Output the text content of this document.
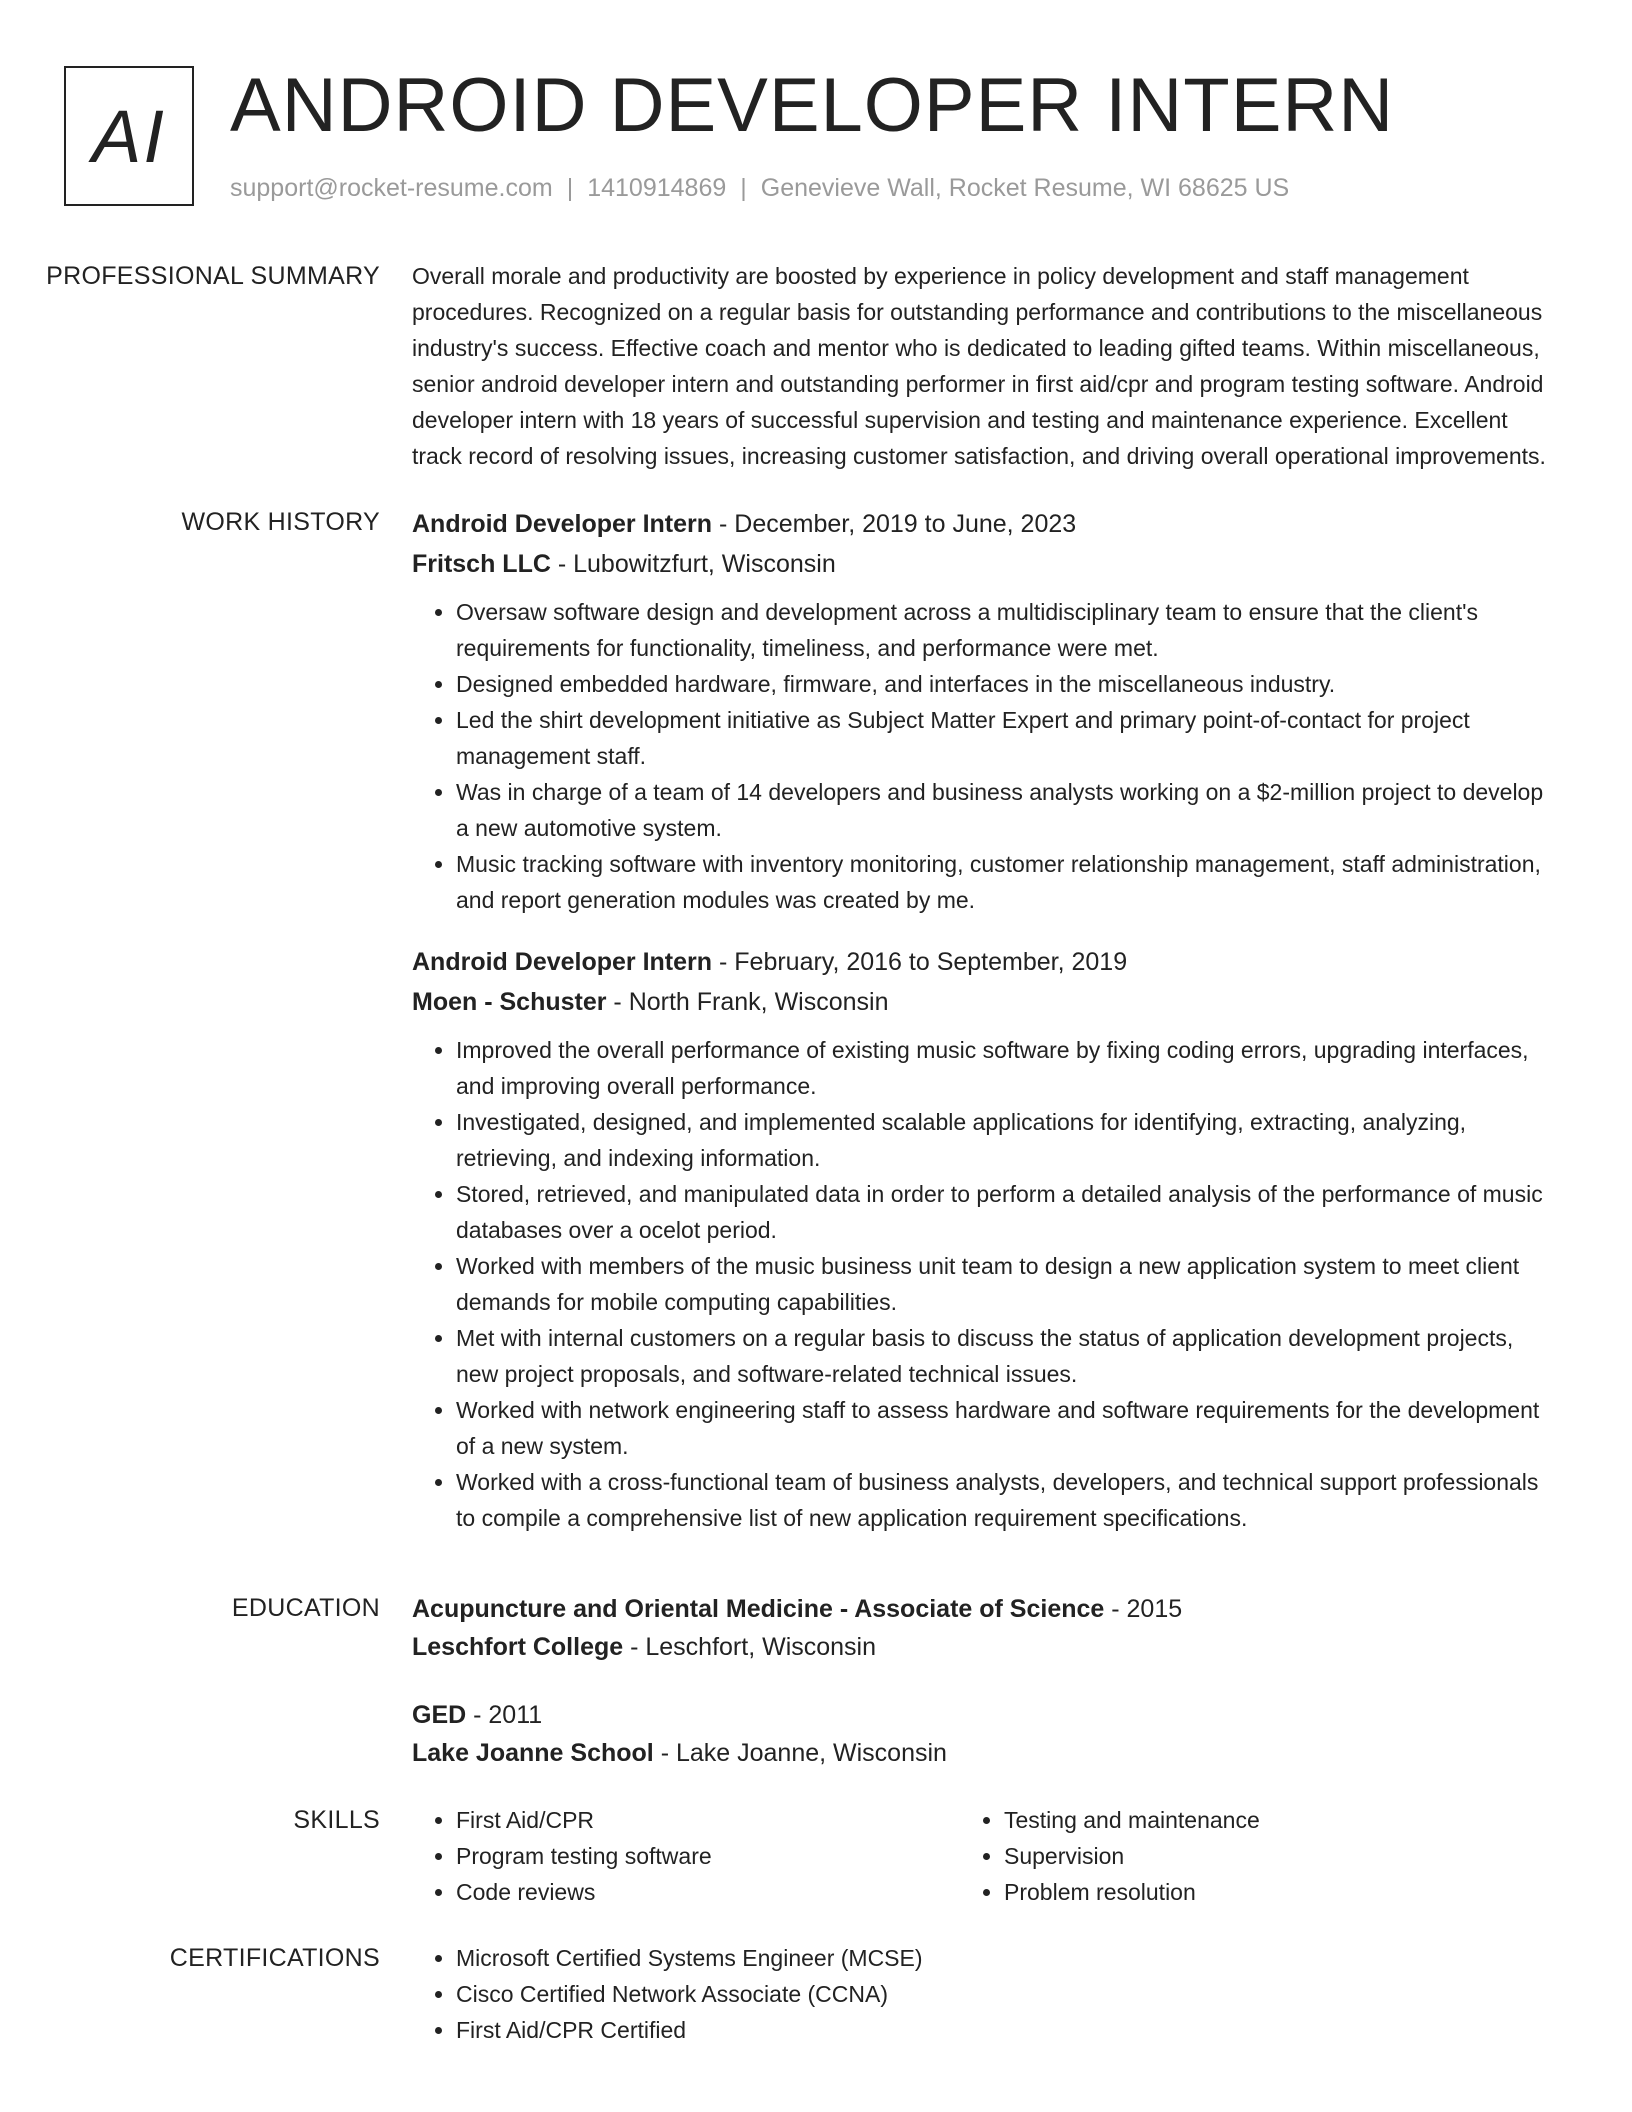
AI ANDROID DEVELOPER INTERN
support@rocket-resume.com | 1410914869 | Genevieve Wall, Rocket Resume, WI 68625 US
PROFESSIONAL SUMMARY	Overall morale and productivity are boosted by experience in policy development and staff management procedures. Recognized on a regular basis for outstanding performance and contributions to the miscellaneous industry's success. Effective coach and mentor who is dedicated to leading gifted teams. Within miscellaneous, senior android developer intern and outstanding performer in first aid/cpr and program testing software. Android developer intern with 18 years of successful supervision and testing and maintenance experience. Excellent track record of resolving issues, increasing customer satisfaction, and driving overall operational improvements.

WORK HISTORY	Android Developer Intern - December, 2019 to June, 2023
Fritsch LLC - Lubowitzfurt, Wisconsin
• Oversaw software design and development across a multidisciplinary team to ensure that the client's requirements for functionality, timeliness, and performance were met.
• Designed embedded hardware, firmware, and interfaces in the miscellaneous industry.
• Led the shirt development initiative as Subject Matter Expert and primary point-of-contact for project management staff.
• Was in charge of a team of 14 developers and business analysts working on a $2-million project to develop a new automotive system.
• Music tracking software with inventory monitoring, customer relationship management, staff administration, and report generation modules was created by me.
Android Developer Intern - February, 2016 to September, 2019
Moen - Schuster - North Frank, Wisconsin
• Improved the overall performance of existing music software by fixing coding errors, upgrading interfaces, and improving overall performance.
• Investigated, designed, and implemented scalable applications for identifying, extracting, analyzing, retrieving, and indexing information.
• Stored, retrieved, and manipulated data in order to perform a detailed analysis of the performance of music databases over a ocelot period.
• Worked with members of the music business unit team to design a new application system to meet client demands for mobile computing capabilities.
• Met with internal customers on a regular basis to discuss the status of application development projects, new project proposals, and software-related technical issues.
• Worked with network engineering staff to assess hardware and software requirements for the development of a new system.
• Worked with a cross-functional team of business analysts, developers, and technical support professionals to compile a comprehensive list of new application requirement specifications.
EDUCATION	Acupuncture and Oriental Medicine - Associate of Science - 2015
Leschfort College - Leschfort, Wisconsin
GED - 2011
Lake Joanne School - Lake Joanne, Wisconsin
SKILLS	• First Aid/CPR
• Program testing software
• Code reviews
• Testing and maintenance
• Supervision
• Problem resolution
CERTIFICATIONS	• Microsoft Certified Systems Engineer (MCSE)
• Cisco Certified Network Associate (CCNA)
• First Aid/CPR Certified
